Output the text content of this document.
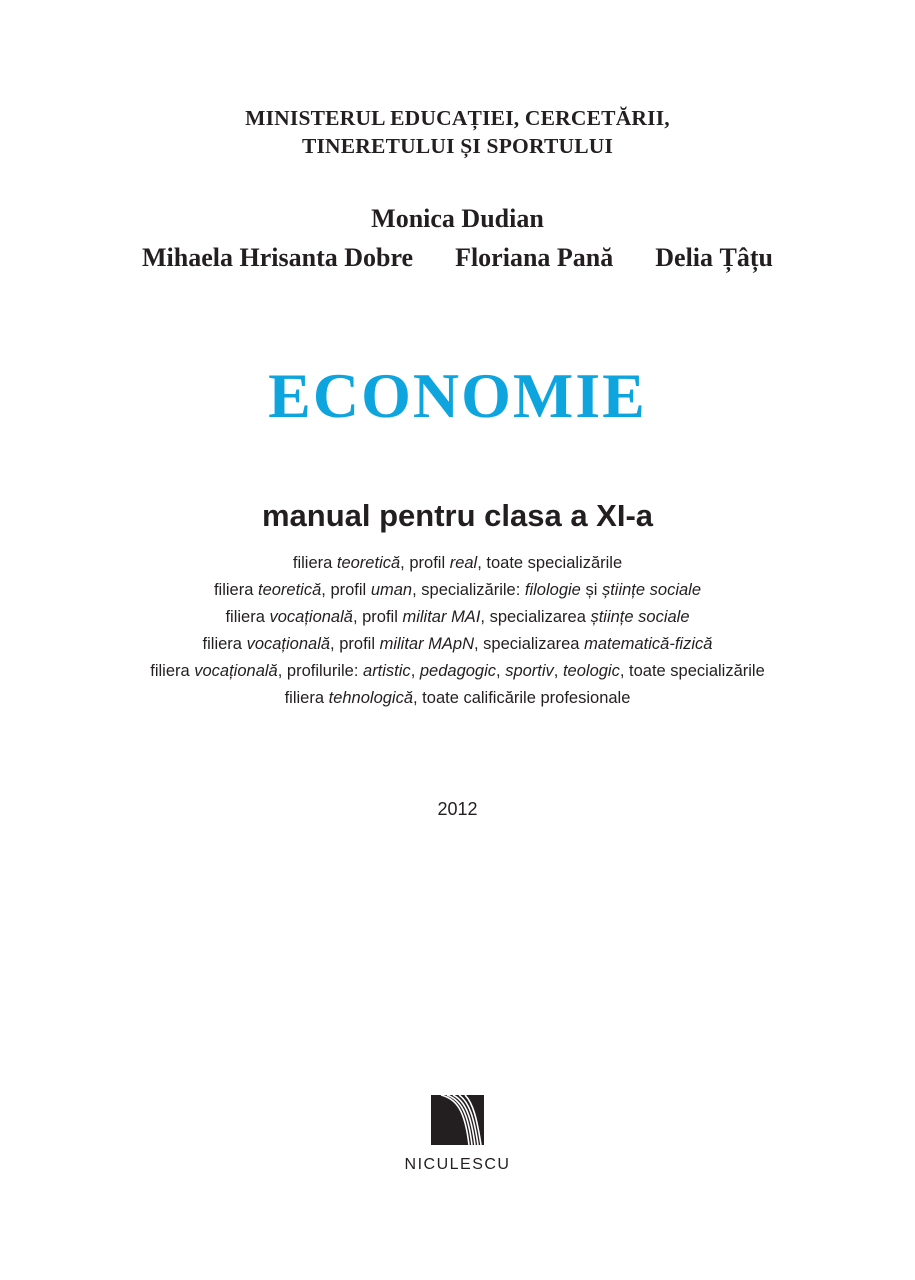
MINISTERUL EDUCAȚIEI, CERCETĂRII,
TINERETULUI ȘI SPORTULUI
Monica Dudian
Mihaela Hrisanta Dobre Floriana Pană Delia Țâțu
ECONOMIE
manual pentru clasa a XI-a
filiera teoretică, profil real, toate specializările
filiera teoretică, profil uman, specializările: filologie și științe sociale
filiera vocațională, profil militar MAI, specializarea științe sociale
filiera vocațională, profil militar MApN, specializarea matematică-fizică
filiera vocațională, profilurile: artistic, pedagogic, sportiv, teologic, toate specializările
filiera tehnologică, toate calificările profesionale
2012
NICULESCU
